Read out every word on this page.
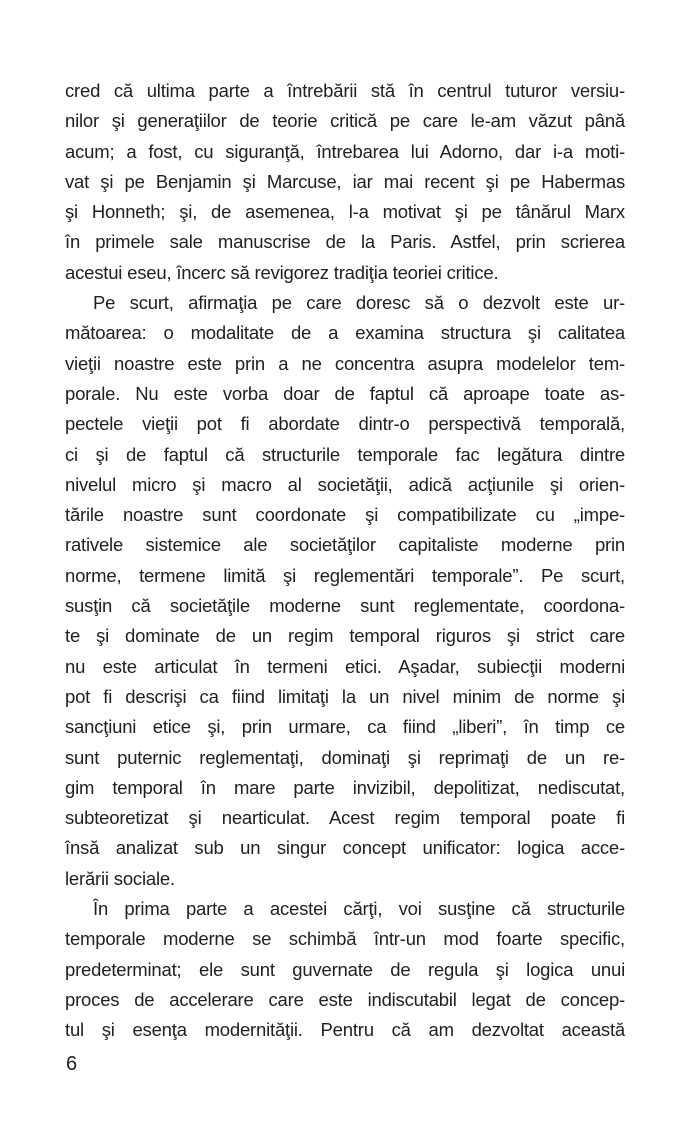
cred că ultima parte a întrebării stă în centrul tuturor versiu-
nilor şi generaţiilor de teorie critică pe care le-am văzut până
acum; a fost, cu siguranţă, întrebarea lui Adorno, dar i-a moti-
vat şi pe Benjamin şi Marcuse, iar mai recent şi pe Habermas
şi Honneth; şi, de asemenea, l-a motivat şi pe tânărul Marx
în primele sale manuscrise de la Paris. Astfel, prin scrierea
acestui eseu, încerc să revigorez tradiţia teoriei critice.
Pe scurt, afirmaţia pe care doresc să o dezvolt este ur-
mătoarea: o modalitate de a examina structura şi calitatea
vieţii noastre este prin a ne concentra asupra modelelor tem-
porale. Nu este vorba doar de faptul că aproape toate as-
pectele vieţii pot fi abordate dintr-o perspectivă temporală,
ci şi de faptul că structurile temporale fac legătura dintre
nivelul micro şi macro al societăţii, adică acţiunile şi orien-
tările noastre sunt coordonate şi compatibilizate cu „impe-
rativele sistemice ale societăţilor capitaliste moderne prin
norme, termene limită şi reglementări temporale”. Pe scurt,
susţin că societăţile moderne sunt reglementate, coordona-
te şi dominate de un regim temporal riguros şi strict care
nu este articulat în termeni etici. Aşadar, subiecţii moderni
pot fi descrişi ca fiind limitaţi la un nivel minim de norme şi
sancţiuni etice şi, prin urmare, ca fiind „liberi”, în timp ce
sunt puternic reglementaţi, dominaţi şi reprimaţi de un re-
gim temporal în mare parte invizibil, depolitizat, nediscutat,
subteoretizat şi nearticulat. Acest regim temporal poate fi
însă analizat sub un singur concept unificator: logica acce-
lerării sociale.
În prima parte a acestei cărţi, voi susţine că structurile
temporale moderne se schimbă într-un mod foarte specific,
predeterminat; ele sunt guvernate de regula şi logica unui
proces de accelerare care este indiscutabil legat de concep-
tul şi esenţa modernităţii. Pentru că am dezvoltat această
6
